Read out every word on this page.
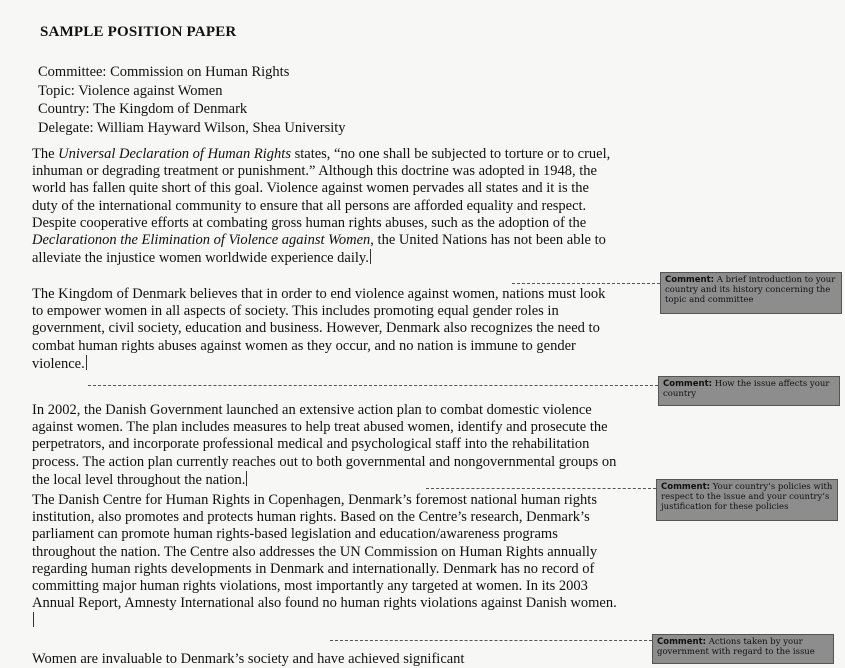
SAMPLE POSITION PAPER
Committee: Commission on Human Rights
Topic: Violence against Women
Country: The Kingdom of Denmark
Delegate: William Hayward Wilson, Shea University
The Universal Declaration of Human Rights states, “no one shall be subjected to torture or to cruel, inhuman or degrading treatment or punishment.” Although this doctrine was adopted in 1948, the world has fallen quite short of this goal. Violence against women pervades all states and it is the duty of the international community to ensure that all persons are afforded equality and respect. Despite cooperative efforts at combating gross human rights abuses, such as the adoption of the Declarationon the Elimination of Violence against Women, the United Nations has not been able to alleviate the injustice women worldwide experience daily.
Comment: A brief introduction to your country and its history concerning the topic and committee
The Kingdom of Denmark believes that in order to end violence against women, nations must look to empower women in all aspects of society. This includes promoting equal gender roles in government, civil society, education and business. However, Denmark also recognizes the need to combat human rights abuses against women as they occur, and no nation is immune to gender violence.
Comment: How the issue affects your country
In 2002, the Danish Government launched an extensive action plan to combat domestic violence against women. The plan includes measures to help treat abused women, identify and prosecute the perpetrators, and incorporate professional medical and psychological staff into the rehabilitation process. The action plan currently reaches out to both governmental and nongovernmental groups on the local level throughout the nation.	Comment: Your country’s policies with respect to the issue and your country’s justification for these policies
The Danish Centre for Human Rights in Copenhagen, Denmark’s foremost national human rights institution, also promotes and protects human rights. Based on the Centre’s research, Denmark’s parliament can promote human rights-based legislation and education/awareness programs throughout the nation. The Centre also addresses the UN Commission on Human Rights annually regarding human rights developments in Denmark and internationally. Denmark has no record of committing major human rights violations, most importantly any targeted at women. In its 2003 Annual Report, Amnesty International also found no human rights violations against Danish women.
Comment: Actions taken by your government with regard to the issue
Women are invaluable to Denmark’s society and have achieved significant
